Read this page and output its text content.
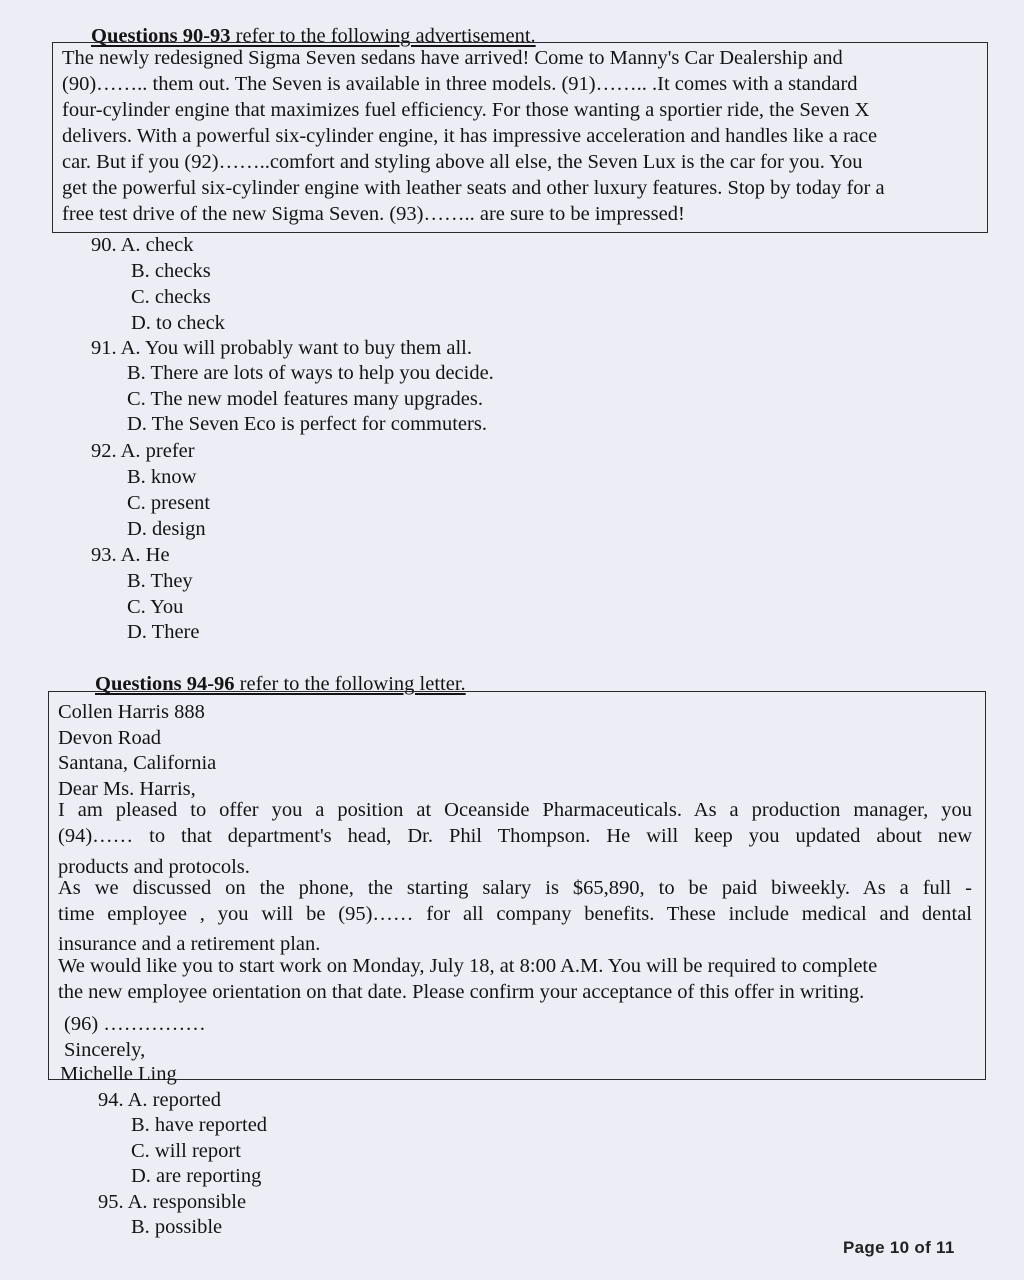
Questions 90-93 refer to the following advertisement.
The newly redesigned Sigma Seven sedans have arrived! Come to Manny's Car Dealership and
(90)…….. them out. The Seven is available in three models. (91)…….. .It comes with a standard
four-cylinder engine that maximizes fuel efficiency. For those wanting a sportier ride, the Seven X
delivers. With a powerful six-cylinder engine, it has impressive acceleration and handles like a race
car. But if you (92)……..comfort and styling above all else, the Seven Lux is the car for you. You
get the powerful six-cylinder engine with leather seats and other luxury features. Stop by today for a
free test drive of the new Sigma Seven. (93)…….. are sure to be impressed!
90. A. check
B. checks
C. checks
D. to check
91. A. You will probably want to buy them all.
B. There are lots of ways to help you decide.
C. The new model features many upgrades.
D. The Seven Eco is perfect for commuters.
92. A. prefer
B. know
C. present
D. design
93. A. He
B. They
C. You
D. There
Questions 94-96 refer to the following letter.
Collen Harris 888
Devon Road
Santana, California
Dear Ms. Harris,
I am pleased to offer you a position at Oceanside Pharmaceuticals. As a production manager, you
(94)…… to that department's head, Dr. Phil Thompson. He will keep you updated about new
products and protocols.
As we discussed on the phone, the starting salary is $65,890, to be paid biweekly. As a full -
time employee , you will be (95)…… for all company benefits. These include medical and dental
insurance and a retirement plan.
We would like you to start work on Monday, July 18, at 8:00 A.M. You will be required to complete
the new employee orientation on that date. Please confirm your acceptance of this offer in writing.
(96) ……………
Sincerely,
Michelle Ling
94. A. reported
B. have reported
C. will report
D. are reporting
95. A. responsible
B. possible
Page 10 of 11
